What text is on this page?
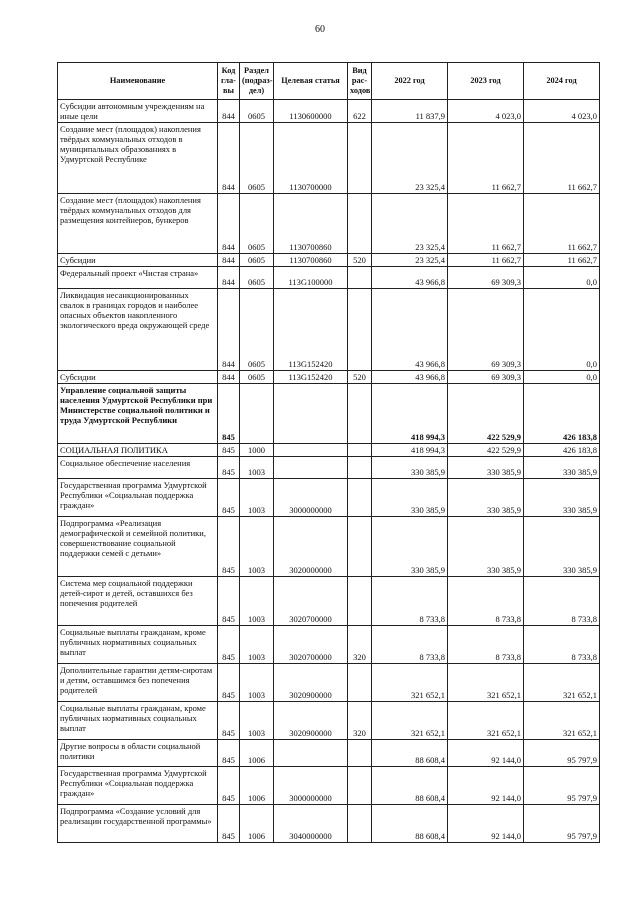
60
Наименование	Код гла-вы	Раздел (подраз-дел)	Целевая статья	Вид рас-ходов	2022 год	2023 год	2024 год
Субсидии автономным учреждениям на иные цели	844	0605	1130600000	622	11 837,9	4 023,0	4 023,0
Создание мест (площадок) накопления твёрдых коммунальных отходов в муниципальных образованиях в Удмуртской Республике	844	0605	1130700000		23 325,4	11 662,7	11 662,7
Создание мест (площадок) накопления твёрдых коммунальных отходов для размещения контейнеров, бункеров	844	0605	1130700860		23 325,4	11 662,7	11 662,7
Субсидии	844	0605	1130700860	520	23 325,4	11 662,7	11 662,7
Федеральный проект «Чистая страна»	844	0605	113G100000		43 966,8	69 309,3	0,0
Ликвидация несанкционированных свалок в границах городов и наиболее опасных объектов накопленного экологического вреда окружающей среде	844	0605	113G152420		43 966,8	69 309,3	0,0
Субсидии	844	0605	113G152420	520	43 966,8	69 309,3	0,0
Управление социальной защиты населения Удмуртской Республики при Министерстве социальной политики и труда Удмуртской Республики	845				418 994,3	422 529,9	426 183,8
СОЦИАЛЬНАЯ ПОЛИТИКА	845	1000			418 994,3	422 529,9	426 183,8
Социальное обеспечение населения	845	1003			330 385,9	330 385,9	330 385,9
Государственная программа Удмуртской Республики «Социальная поддержка граждан»	845	1003	3000000000		330 385,9	330 385,9	330 385,9
Подпрограмма «Реализация демографической и семейной политики, совершенствование социальной поддержки семей с детьми»	845	1003	3020000000		330 385,9	330 385,9	330 385,9
Система мер социальной поддержки детей-сирот и детей, оставшихся без попечения родителей	845	1003	3020700000		8 733,8	8 733,8	8 733,8
Социальные выплаты гражданам, кроме публичных нормативных социальных выплат	845	1003	3020700000	320	8 733,8	8 733,8	8 733,8
Дополнительные гарантии детям-сиротам и детям, оставшимся без попечения родителей	845	1003	3020900000		321 652,1	321 652,1	321 652,1
Социальные выплаты гражданам, кроме публичных нормативных социальных выплат	845	1003	3020900000	320	321 652,1	321 652,1	321 652,1
Другие вопросы в области социальной политики	845	1006			88 608,4	92 144,0	95 797,9
Государственная программа Удмуртской Республики «Социальная поддержка граждан»	845	1006	3000000000		88 608,4	92 144,0	95 797,9
Подпрограмма «Создание условий для реализации государственной программы»	845	1006	3040000000		88 608,4	92 144,0	95 797,9
